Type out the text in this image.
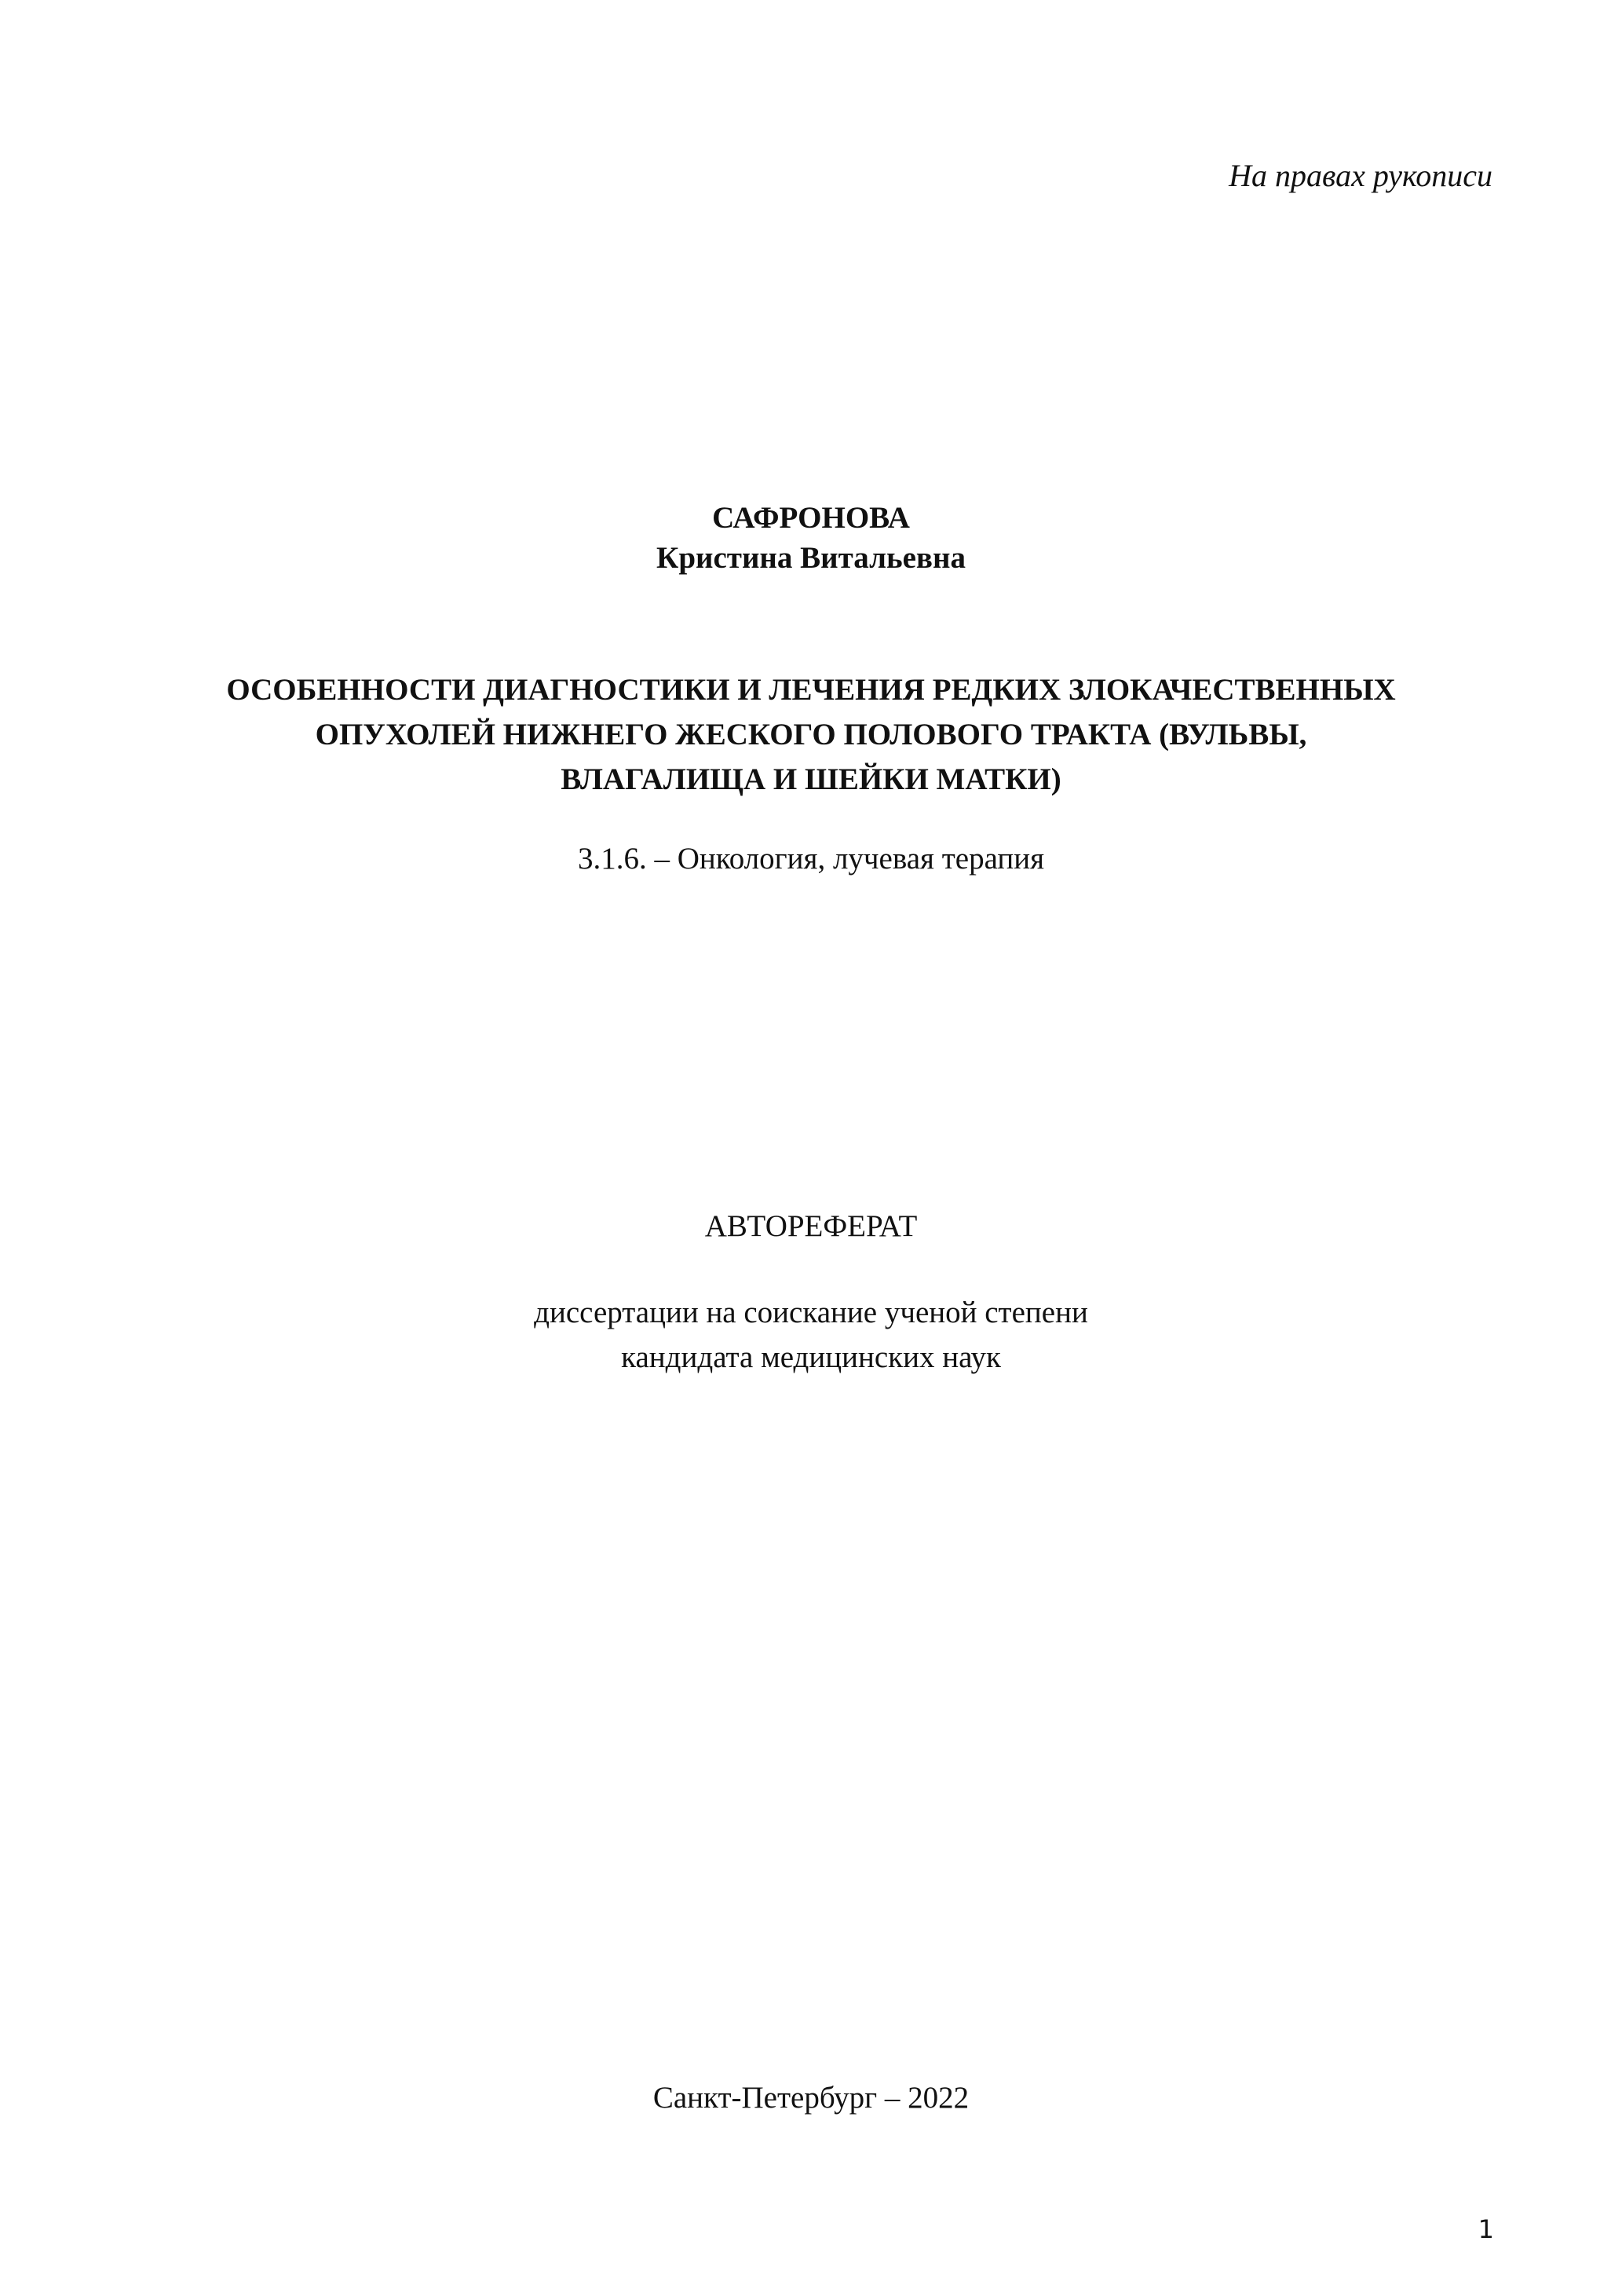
На правах рукописи
САФРОНОВА
Кристина Витальевна
ОСОБЕННОСТИ ДИАГНОСТИКИ И ЛЕЧЕНИЯ РЕДКИХ ЗЛОКАЧЕСТВЕННЫХ
ОПУХОЛЕЙ НИЖНЕГО ЖЕСКОГО ПОЛОВОГО ТРАКТА (ВУЛЬВЫ,
ВЛАГАЛИЩА И ШЕЙКИ МАТКИ)
3.1.6. – Онкология, лучевая терапия
АВТОРЕФЕРАТ
диссертации на соискание ученой степени
кандидата медицинских наук
Санкт-Петербург – 2022
1
